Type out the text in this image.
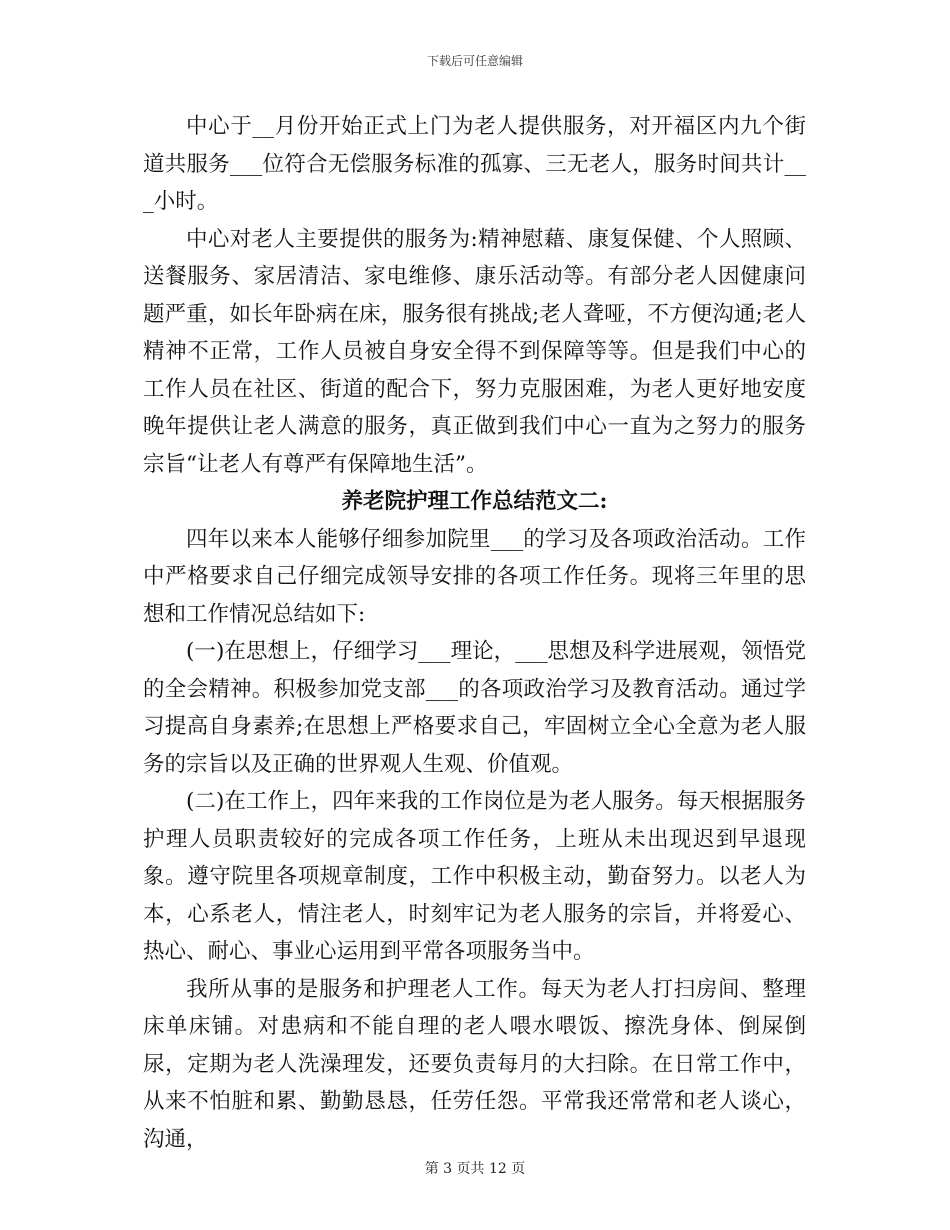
下载后可任意编辑

中心于__月份开始正式上门为老人提供服务，对开福区内九个街道共服务___位符合无偿服务标准的孤寡、三无老人，服务时间共计___小时。

中心对老人主要提供的服务为:精神慰藉、康复保健、个人照顾、送餐服务、家居清洁、家电维修、康乐活动等。有部分老人因健康问题严重，如长年卧病在床，服务很有挑战;老人聋哑，不方便沟通;老人精神不正常，工作人员被自身安全得不到保障等等。但是我们中心的工作人员在社区、街道的配合下，努力克服困难，为老人更好地安度晚年提供让老人满意的服务，真正做到我们中心一直为之努力的服务宗旨“让老人有尊严有保障地生活”。

养老院护理工作总结范文二:

四年以来本人能够仔细参加院里___的学习及各项政治活动。工作中严格要求自己仔细完成领导安排的各项工作任务。现将三年里的思想和工作情况总结如下:

(一)在思想上，仔细学习___理论，___思想及科学进展观，领悟党的全会精神。积极参加党支部___的各项政治学习及教育活动。通过学习提高自身素养;在思想上严格要求自己，牢固树立全心全意为老人服务的宗旨以及正确的世界观人生观、价值观。

(二)在工作上，四年来我的工作岗位是为老人服务。每天根据服务护理人员职责较好的完成各项工作任务，上班从未出现迟到早退现象。遵守院里各项规章制度，工作中积极主动，勤奋努力。以老人为本，心系老人，情注老人，时刻牢记为老人服务的宗旨，并将爱心、热心、耐心、事业心运用到平常各项服务当中。

我所从事的是服务和护理老人工作。每天为老人打扫房间、整理床单床铺。对患病和不能自理的老人喂水喂饭、擦洗身体、倒屎倒尿，定期为老人洗澡理发，还要负责每月的大扫除。在日常工作中，从来不怕脏和累、勤勤恳恳，任劳任怨。平常我还常常和老人谈心，沟通，

第 3 页共 12 页
